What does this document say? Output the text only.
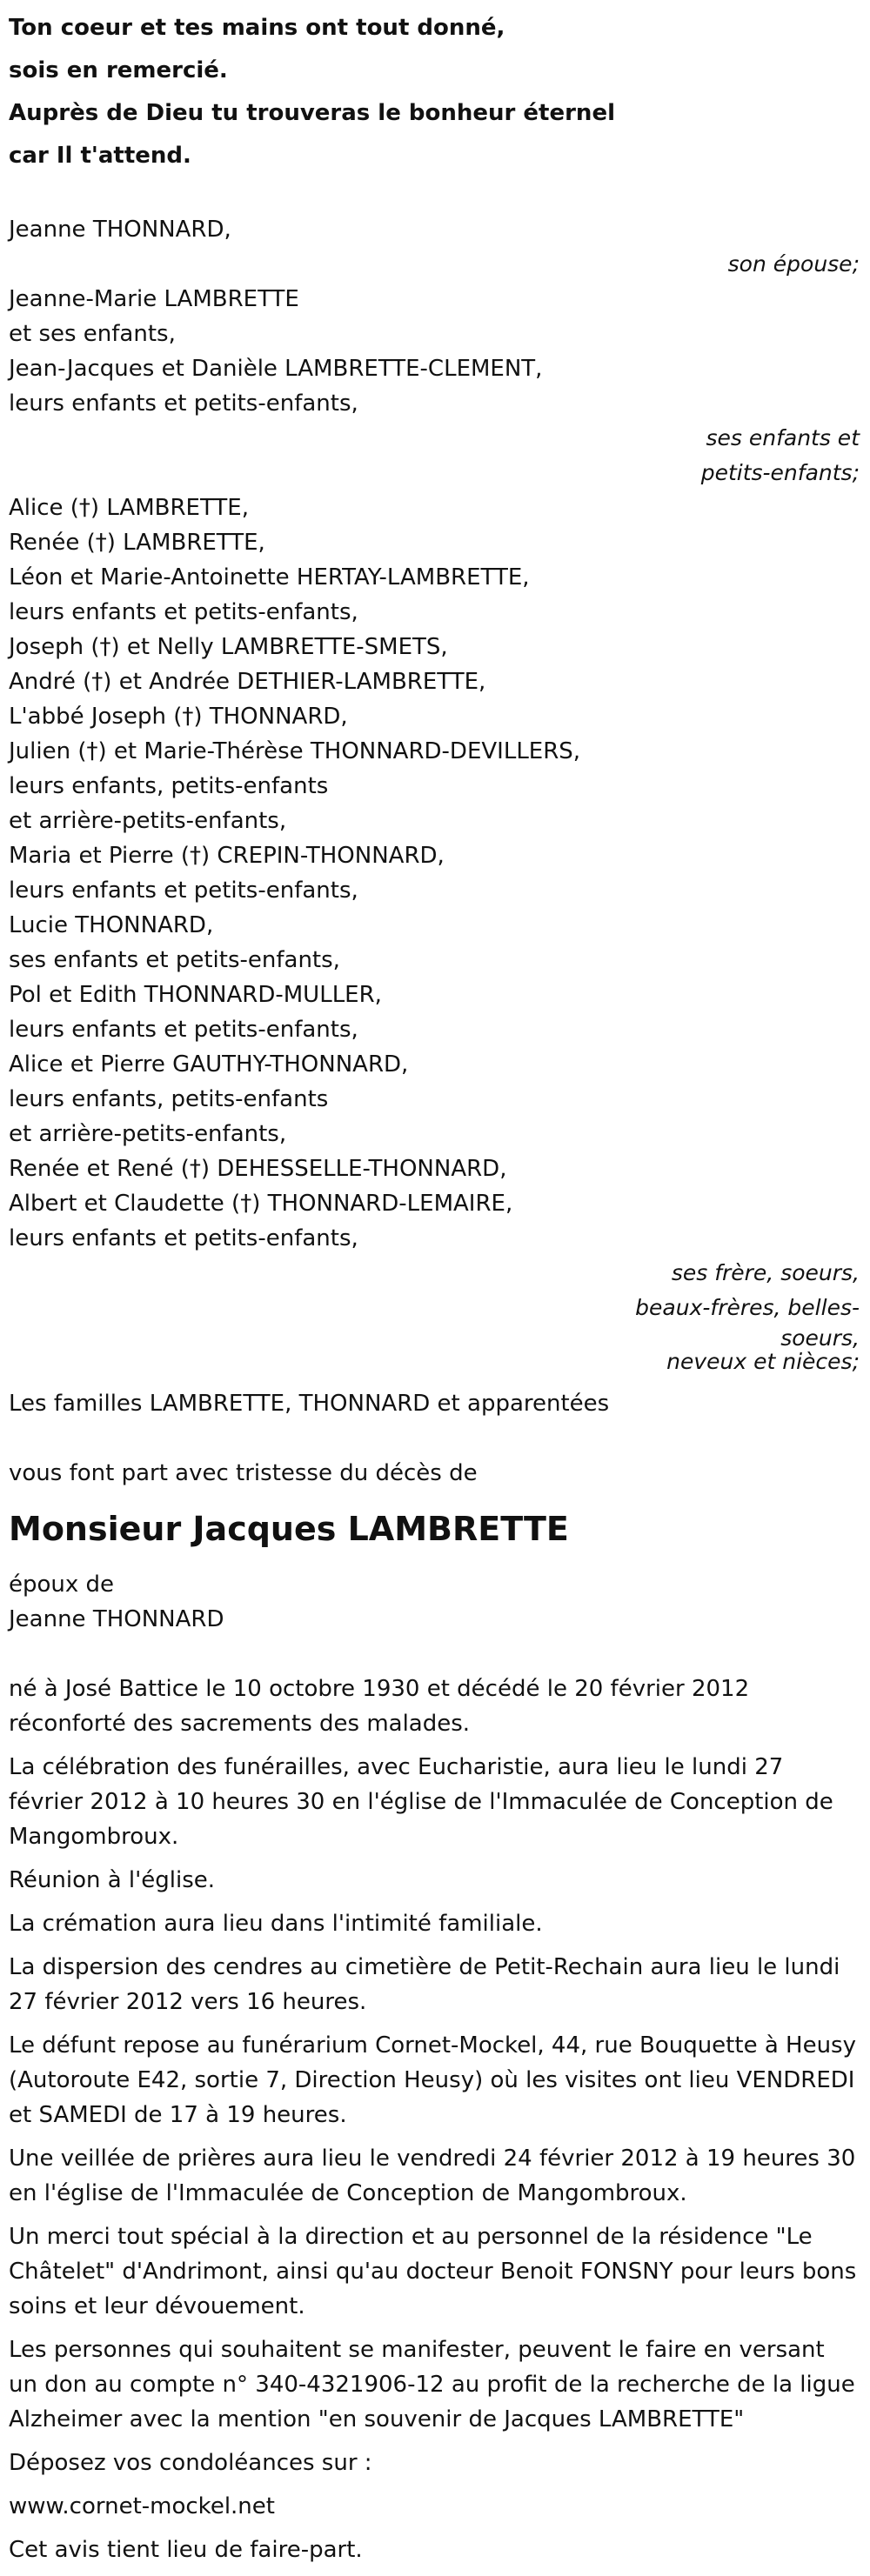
Ton coeur et tes mains ont tout donné,
sois en remercié.
Auprès de Dieu tu trouveras le bonheur éternel
car Il t'attend.
Jeanne THONNARD,
son épouse;
Jeanne-Marie LAMBRETTE
et ses enfants,
Jean-Jacques et Danièle LAMBRETTE-CLEMENT,
leurs enfants et petits-enfants,
ses enfants et
petits-enfants;
Alice (†) LAMBRETTE,
Renée (†) LAMBRETTE,
Léon et Marie-Antoinette HERTAY-LAMBRETTE,
leurs enfants et petits-enfants,
Joseph (†) et Nelly LAMBRETTE-SMETS,
André (†) et Andrée DETHIER-LAMBRETTE,
L'abbé Joseph (†) THONNARD,
Julien (†) et Marie-Thérèse THONNARD-DEVILLERS,
leurs enfants, petits-enfants
et arrière-petits-enfants,
Maria et Pierre (†) CREPIN-THONNARD,
leurs enfants et petits-enfants,
Lucie THONNARD,
ses enfants et petits-enfants,
Pol et Edith THONNARD-MULLER,
leurs enfants et petits-enfants,
Alice et Pierre GAUTHY-THONNARD,
leurs enfants, petits-enfants
et arrière-petits-enfants,
Renée et René (†) DEHESSELLE-THONNARD,
Albert et Claudette (†) THONNARD-LEMAIRE,
leurs enfants et petits-enfants,
ses frère, soeurs,
beaux-frères, belles-
soeurs,
neveux et nièces;
Les familles LAMBRETTE, THONNARD et apparentées
vous font part avec tristesse du décès de
Monsieur Jacques LAMBRETTE
époux de
Jeanne THONNARD
né à José Battice le 10 octobre 1930 et décédé le 20 février 2012 réconforté des sacrements des malades.
La célébration des funérailles, avec Eucharistie, aura lieu le lundi 27 février 2012 à 10 heures 30 en l'église de l'Immaculée de Conception de Mangombroux.
Réunion à l'église.
La crémation aura lieu dans l'intimité familiale.
La dispersion des cendres au cimetière de Petit-Rechain aura lieu le lundi 27 février 2012 vers 16 heures.
Le défunt repose au funérarium Cornet-Mockel, 44, rue Bouquette à Heusy (Autoroute E42, sortie 7, Direction Heusy) où les visites ont lieu VENDREDI et SAMEDI de 17 à 19 heures.
Une veillée de prières aura lieu le vendredi 24 février 2012 à 19 heures 30 en l'église de l'Immaculée de Conception de Mangombroux.
Un merci tout spécial à la direction et au personnel de la résidence "Le Châtelet" d'Andrimont, ainsi qu'au docteur Benoit FONSNY pour leurs bons soins et leur dévouement.
Les personnes qui souhaitent se manifester, peuvent le faire en versant un don au compte n° 340-4321906-12 au profit de la recherche de la ligue Alzheimer avec la mention "en souvenir de Jacques LAMBRETTE"
Déposez vos condoléances sur :
www.cornet-mockel.net
Cet avis tient lieu de faire-part.
